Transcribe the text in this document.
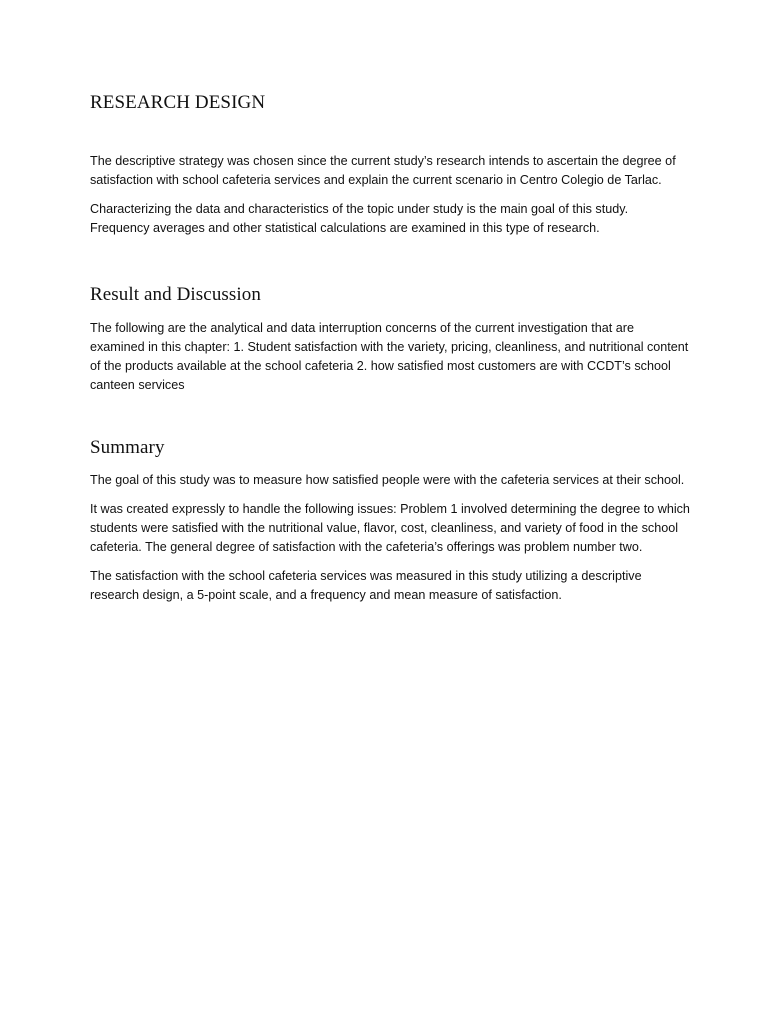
RESEARCH DESIGN

The descriptive strategy was chosen since the current study’s research intends to ascertain the degree of satisfaction with school cafeteria services and explain the current scenario in Centro Colegio de Tarlac.

Characterizing the data and characteristics of the topic under study is the main goal of this study. Frequency averages and other statistical calculations are examined in this type of research.

Result and Discussion

The following are the analytical and data interruption concerns of the current investigation that are examined in this chapter: 1. Student satisfaction with the variety, pricing, cleanliness, and nutritional content of the products available at the school cafeteria 2. how satisfied most customers are with CCDT’s school canteen services

Summary

The goal of this study was to measure how satisfied people were with the cafeteria services at their school.

It was created expressly to handle the following issues: Problem 1 involved determining the degree to which students were satisfied with the nutritional value, flavor, cost, cleanliness, and variety of food in the school cafeteria. The general degree of satisfaction with the cafeteria’s offerings was problem number two.

The satisfaction with the school cafeteria services was measured in this study utilizing a descriptive research design, a 5-point scale, and a frequency and mean measure of satisfaction.
